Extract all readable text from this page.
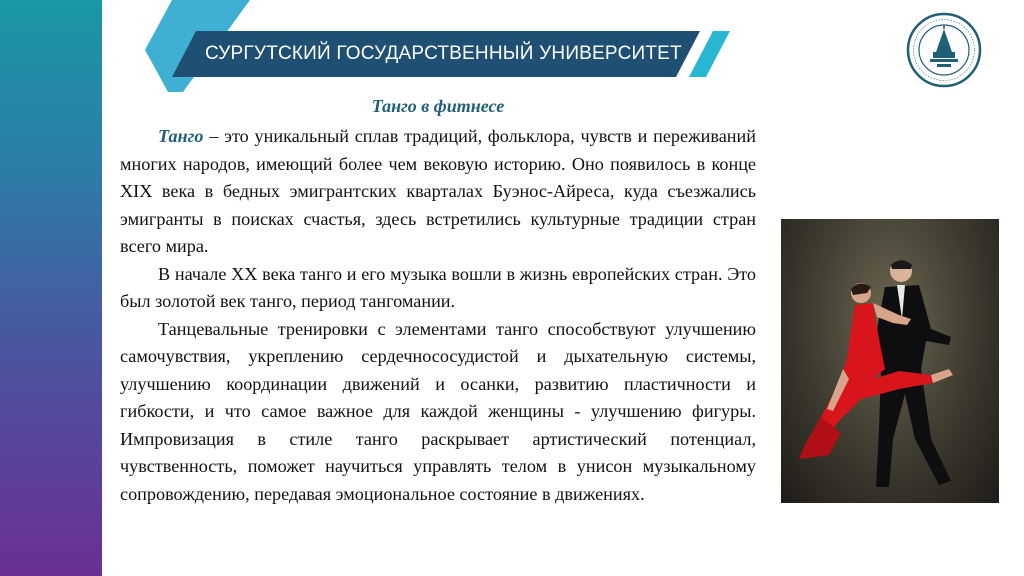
СУРГУТСКИЙ ГОСУДАРСТВЕННЫЙ УНИВЕРСИТЕТ
Танго в фитнесе

Танго – это уникальный сплав традиций, фольклора, чувств и переживаний многих народов, имеющий более чем вековую историю. Оно появилось в конце XIX века в бедных эмигрантских кварталах Буэнос-Айреса, куда съезжались эмигранты в поисках счастья, здесь встретились культурные традиции стран всего мира.

В начале XX века танго и его музыка вошли в жизнь европейских стран. Это был золотой век танго, период тангомании.

Танцевальные тренировки с элементами танго способствуют улучшению самочувствия, укреплению сердечнососудистой и дыхательную системы, улучшению координации движений и осанки, развитию пластичности и гибкости, и что самое важное для каждой женщины - улучшению фигуры. Импровизация в стиле танго раскрывает артистический потенциал, чувственность, поможет научиться управлять телом в унисон музыкальному сопровождению, передавая эмоциональное состояние в движениях.
